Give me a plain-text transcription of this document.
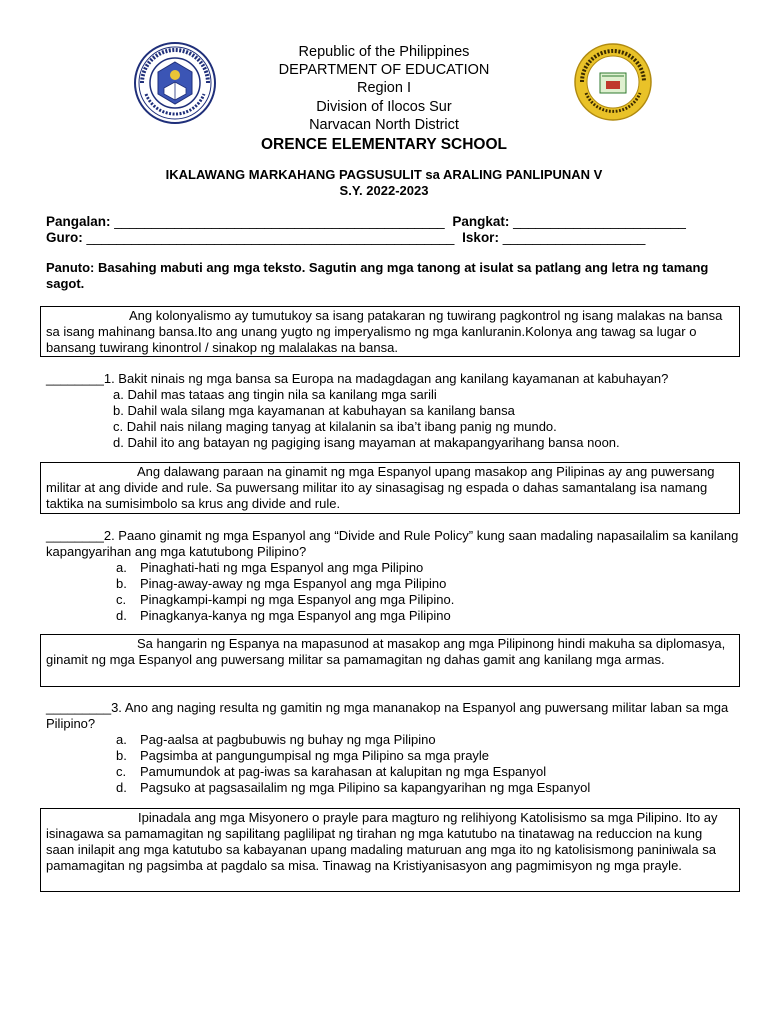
Republic of the Philippines
DEPARTMENT OF EDUCATION
Region I
Division of Ilocos Sur
Narvacan North District
ORENCE ELEMENTARY SCHOOL
IKALAWANG MARKAHANG PAGSUSULIT sa ARALING PANLIPUNAN V
S.Y. 2022-2023
Pangalan: ____________________________________________ Pangkat: _______________________
Guro: _________________________________________________ Iskor: ___________________
Panuto: Basahing mabuti ang mga teksto. Sagutin ang mga tanong at isulat sa patlang ang letra ng tamang sagot.
Ang kolonyalismo ay tumutukoy sa isang patakaran ng tuwirang pagkontrol ng isang malakas na bansa sa isang mahinang bansa.Ito ang unang yugto ng imperyalismo ng mga kanluranin.Kolonya ang tawag sa lugar o bansang tuwirang kinontrol / sinakop ng malalakas na bansa.
________1. Bakit ninais ng mga bansa sa Europa na madagdagan ang kanilang kayamanan at kabuhayan?
a. Dahil mas tataas ang tingin nila sa kanilang mga sarili
b. Dahil wala silang mga kayamanan at kabuhayan sa kanilang bansa
c. Dahil nais nilang maging tanyag at kilalanin sa iba’t ibang panig ng mundo.
d. Dahil ito ang batayan ng pagiging isang mayaman at makapangyarihang bansa noon.
Ang dalawang paraan na ginamit ng mga Espanyol upang masakop ang Pilipinas ay ang puwersang militar at ang divide and rule. Sa puwersang militar ito ay sinasagisag ng espada o dahas samantalang isa namang taktika na sumisimbolo sa krus ang divide and rule.
________2. Paano ginamit ng mga Espanyol ang “Divide and Rule Policy” kung saan madaling napasailalim sa kanilang kapangyarihan ang mga katutubong Pilipino?
a. Pinaghati-hati ng mga Espanyol ang mga Pilipino
b. Pinag-away-away ng mga Espanyol ang mga Pilipino
c. Pinagkampi-kampi ng mga Espanyol ang mga Pilipino.
d. Pinagkanya-kanya ng mga Espanyol ang mga Pilipino
Sa hangarin ng Espanya na mapasunod at masakop ang mga Pilipinong hindi makuha sa diplomasya, ginamit ng mga Espanyol ang puwersang militar sa pamamagitan ng dahas gamit ang kanilang mga armas.
_________3. Ano ang naging resulta ng gamitin ng mga mananakop na Espanyol ang puwersang militar laban sa mga Pilipino?
a. Pag-aalsa at pagbubuwis ng buhay ng mga Pilipino
b. Pagsimba at pangungumpisal ng mga Pilipino sa mga prayle
c. Pamumundok at pag-iwas sa karahasan at kalupitan ng mga Espanyol
d. Pagsuko at pagsasailalim ng mga Pilipino sa kapangyarihan ng mga Espanyol
Ipinadala ang mga Misyonero o prayle para magturo ng relihiyong Katolisismo sa mga Pilipino. Ito ay isinagawa sa pamamagitan ng sapilitang paglilipat ng tirahan ng mga katutubo na tinatawag na reduccion na kung saan inilapit ang mga katutubo sa kabayanan upang madaling maturuan ang mga ito ng katolisismong paniniwala sa pamamagitan ng pagsimba at pagdalo sa misa. Tinawag na Kristiyanisasyon ang pagmimisyon ng mga prayle.
